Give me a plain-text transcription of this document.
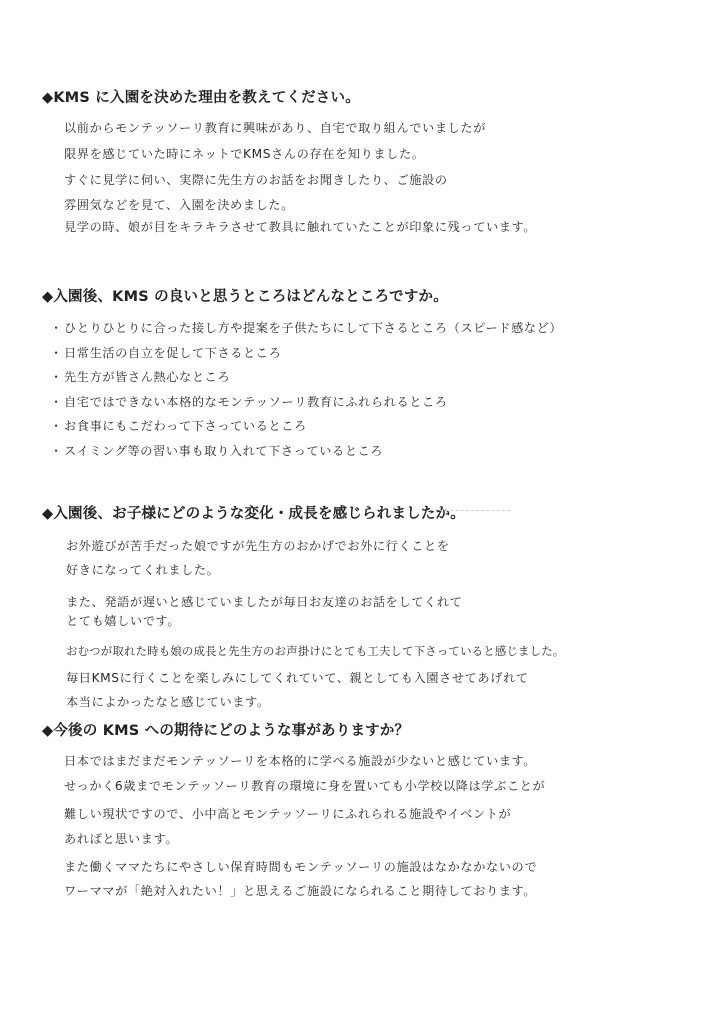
◆KMS に入園を決めた理由を教えてください。
以前からモンテッソーリ教育に興味があり、自宅で取り組んでいましたが
限界を感じていた時にネットでKMSさんの存在を知りました。
すぐに見学に伺い、実際に先生方のお話をお聞きしたり、ご施設の
雰囲気などを見て、入園を決めました。
見学の時、娘が目をキラキラさせて教具に触れていたことが印象に残っています。
◆入園後、KMS の良いと思うところはどんなところですか。
・ひとりひとりに合った接し方や提案を子供たちにして下さるところ（スピード感など）
・日常生活の自立を促して下さるところ
・先生方が皆さん熱心なところ
・自宅ではできない本格的なモンテッソーリ教育にふれられるところ
・お食事にもこだわって下さっているところ
・スイミング等の習い事も取り入れて下さっているところ
◆入園後、お子様にどのような変化・成長を感じられましたか。
お外遊びが苦手だった娘ですが先生方のおかげでお外に行くことを
好きになってくれました。
また、発語が遅いと感じていましたが毎日お友達のお話をしてくれて
とても嬉しいです。
おむつが取れた時も娘の成長と先生方のお声掛けにとても工夫して下さっていると感じました。
毎日KMSに行くことを楽しみにしてくれていて、親としても入園させてあげれて
本当によかったなと感じています。
◆今後の KMS への期待にどのような事がありますか？
日本ではまだまだモンテッソーリを本格的に学べる施設が少ないと感じています。
せっかく6歳までモンテッソーリ教育の環境に身を置いても小学校以降は学ぶことが
難しい現状ですので、小中高とモンテッソーリにふれられる施設やイベントが
あればと思います。
また働くママたちにやさしい保育時間もモンテッソーリの施設はなかなかないので
ワーママが「絶対入れたい！」と思えるご施設になられること期待しております。
